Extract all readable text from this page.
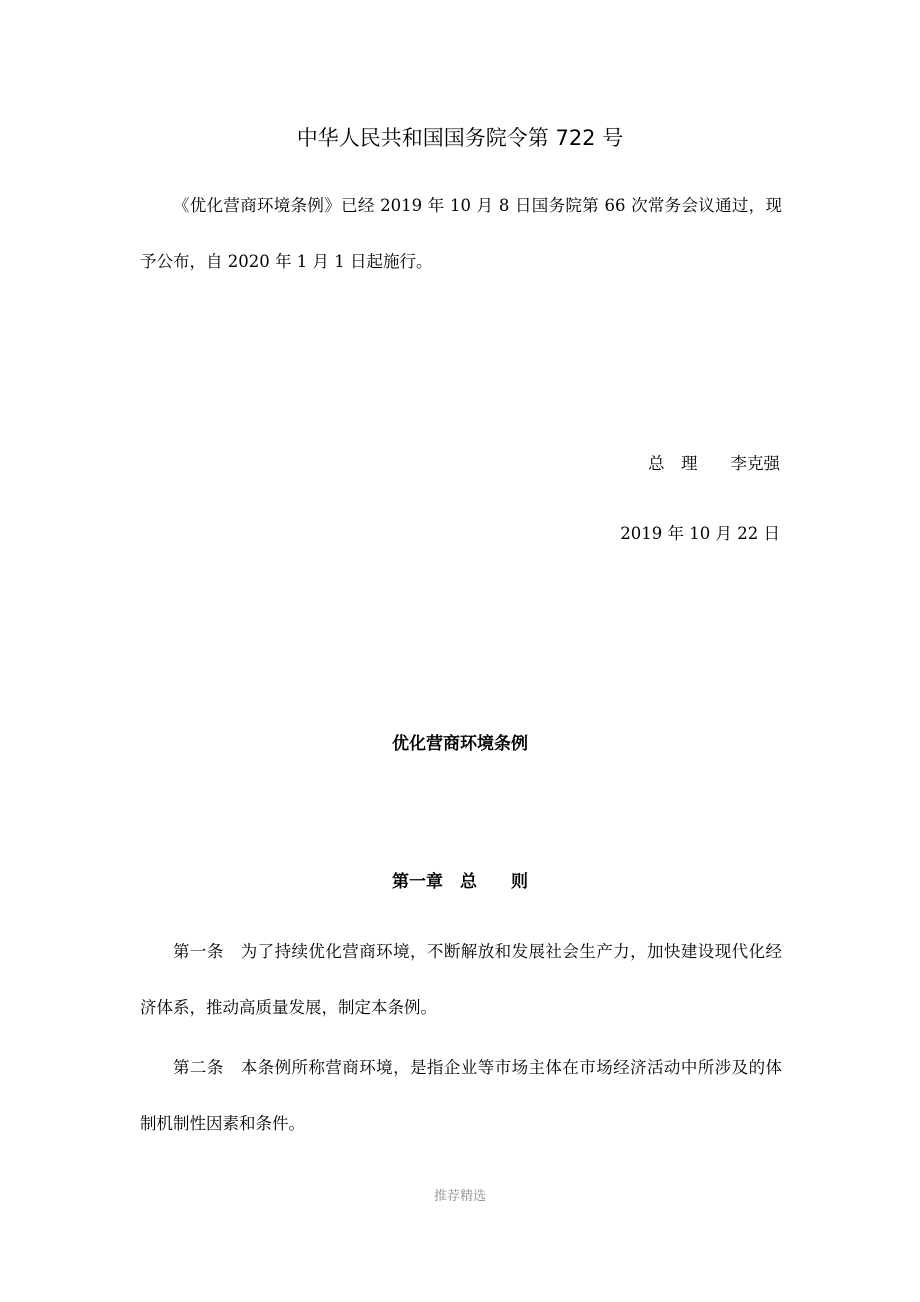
中华人民共和国国务院令第 722 号

《优化营商环境条例》已经 2019 年 10 月 8 日国务院第 66 次常务会议通过，现予公布，自 2020 年 1 月 1 日起施行。

总　理　　李克强
2019 年 10 月 22 日
优化营商环境条例
第一章　总　　则

第一条　为了持续优化营商环境，不断解放和发展社会生产力，加快建设现代化经济体系，推动高质量发展，制定本条例。

第二条　本条例所称营商环境，是指企业等市场主体在市场经济活动中所涉及的体制机制性因素和条件。

推荐精选
